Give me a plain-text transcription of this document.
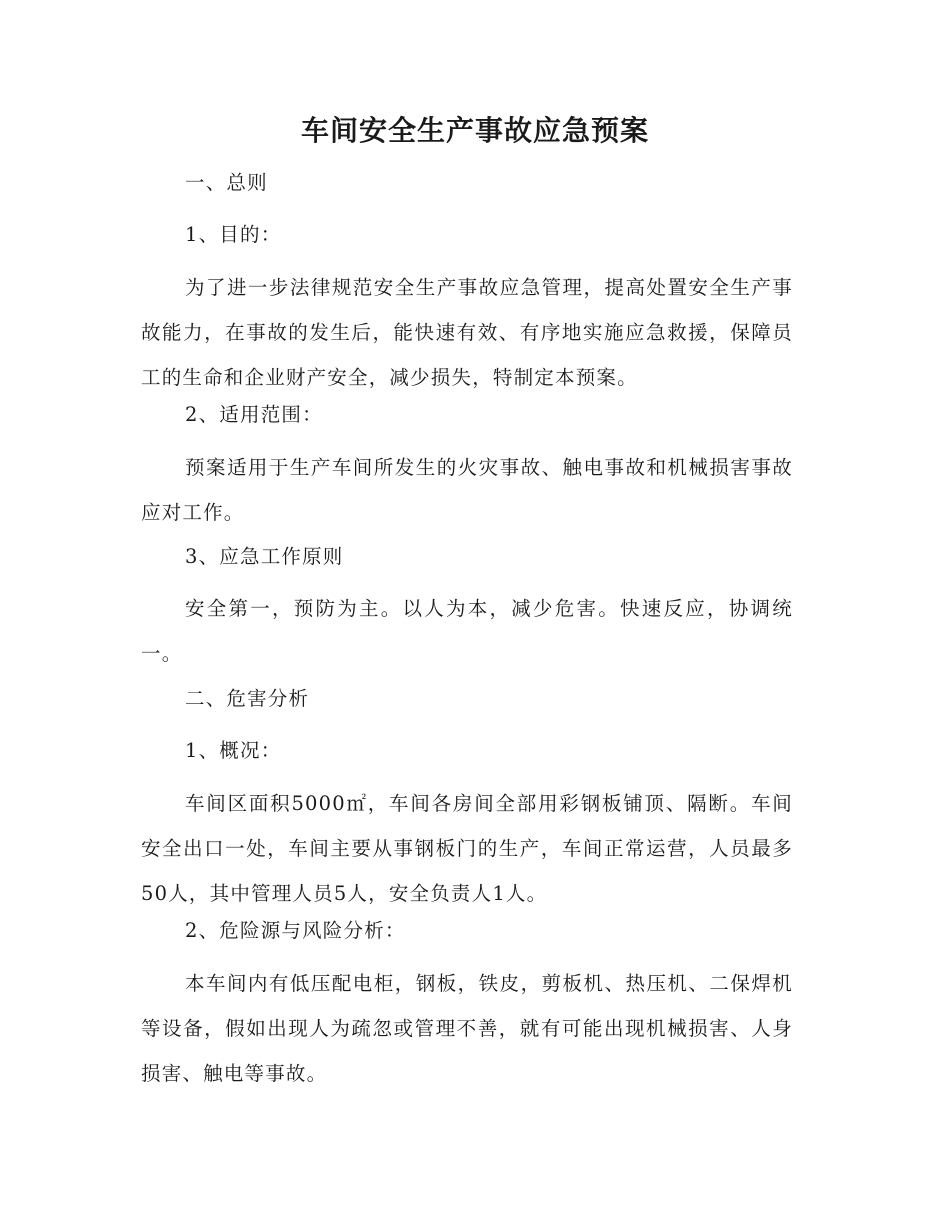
车间安全生产事故应急预案

一、总则

1、目的：

为了进一步法律规范安全生产事故应急管理，提高处置安全生产事故能力，在事故的发生后，能快速有效、有序地实施应急救援，保障员工的生命和企业财产安全，减少损失，特制定本预案。

2、适用范围：

预案适用于生产车间所发生的火灾事故、触电事故和机械损害事故应对工作。

3、应急工作原则

安全第一，预防为主。以人为本，减少危害。快速反应，协调统一。

二、危害分析

1、概况：

车间区面积5000㎡，车间各房间全部用彩钢板铺顶、隔断。车间安全出口一处，车间主要从事钢板门的生产，车间正常运营，人员最多50人，其中管理人员5人，安全负责人1人。

2、危险源与风险分析：

本车间内有低压配电柜，钢板，铁皮，剪板机、热压机、二保焊机等设备，假如出现人为疏忽或管理不善，就有可能出现机械损害、人身损害、触电等事故。
